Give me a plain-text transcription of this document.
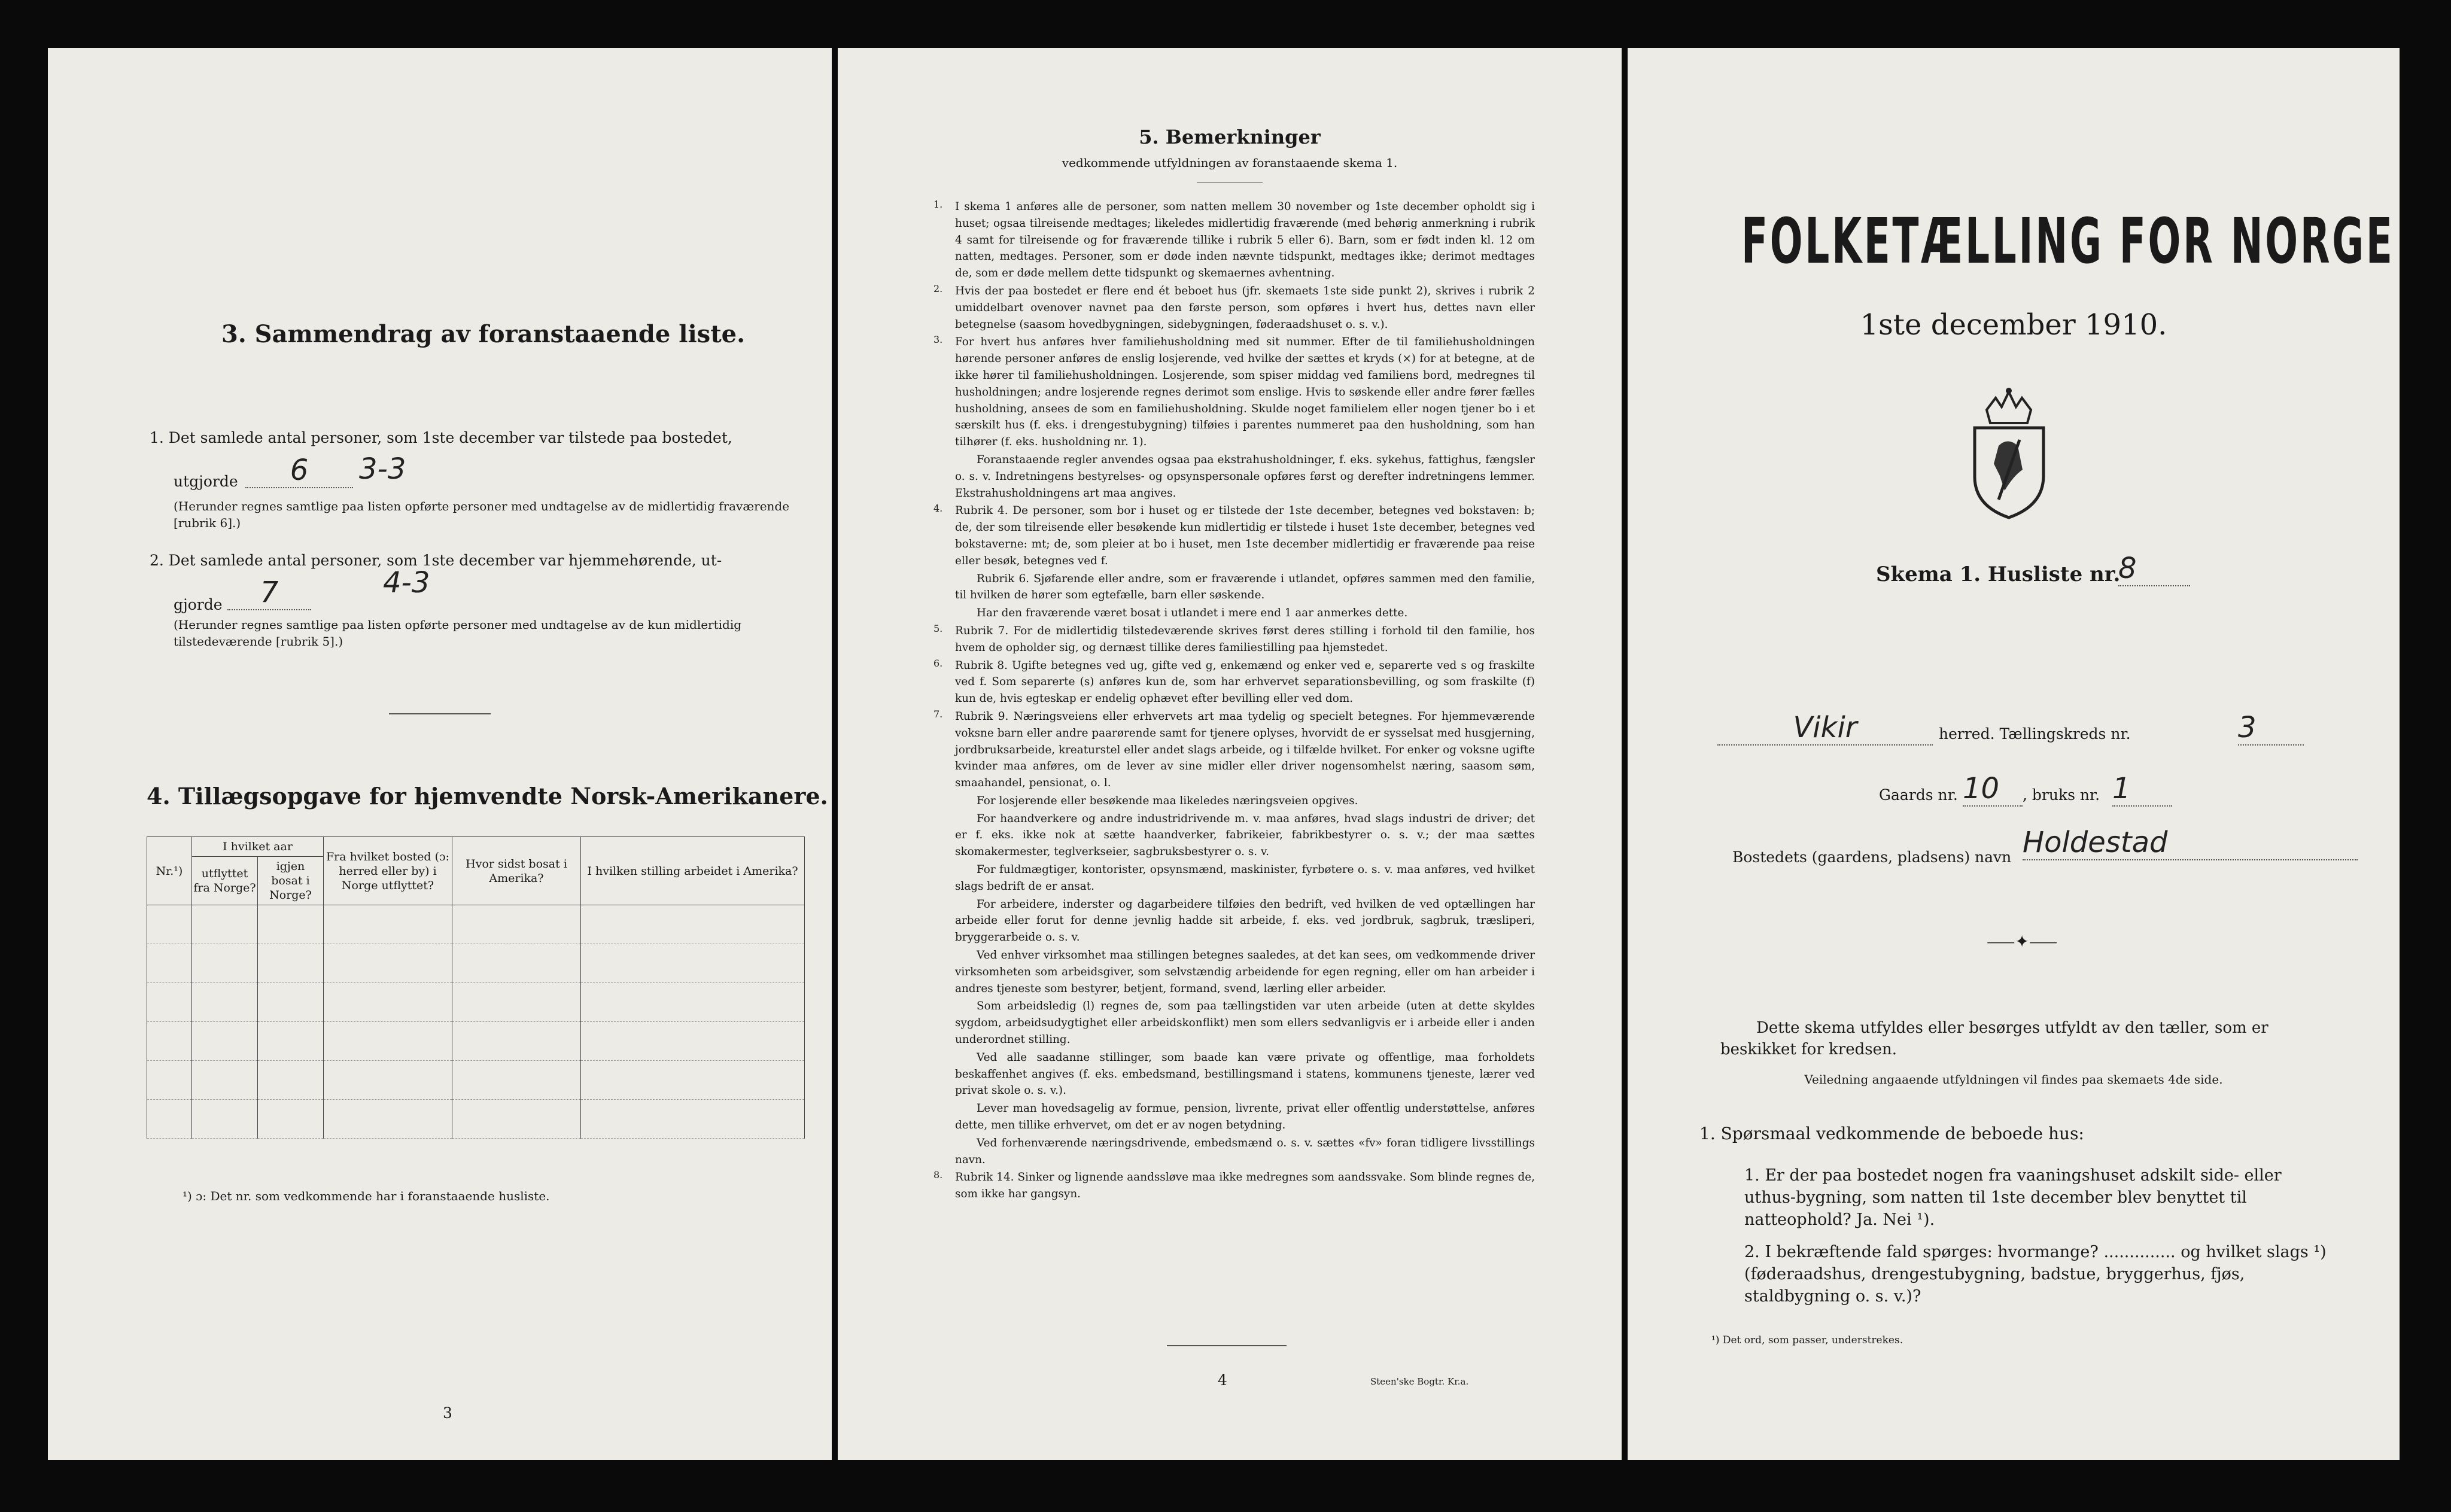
3. Sammendrag av foranstaaende liste.
1. Det samlede antal personer, som 1ste december var tilstede paa bostedet,
utgjorde	6	3-3
(Herunder regnes samtlige paa listen opførte personer med undtagelse av de midlertidig fraværende [rubrik 6].)
2. Det samlede antal personer, som 1ste december var hjemmehørende, ut-
gjorde	7	4-3
(Herunder regnes samtlige paa listen opførte personer med undtagelse av de kun midlertidig tilstedeværende [rubrik 5].)
4. Tillægsopgave for hjemvendte Norsk-Amerikanere.
Nr.¹)	I hvilket aar		Fra hvilket bosted (ɔ: herred eller by) i Norge utflyttet?	Hvor sidst bosat i Amerika?	I hvilken stilling arbeidet i Amerika?
	utflyttet fra Norge?	igjen bosat i Norge?			

¹) ɔ: Det nr. som vedkommende har i foranstaaende husliste.
3
5. Bemerkninger
vedkommende utfyldningen av foranstaaende skema 1.
1. I skema 1 anføres alle de personer, som natten mellem 30 november og 1ste december opholdt sig i huset; ogsaa tilreisende medtages; likeledes midlertidig fraværende (med behørig anmerkning i rubrik 4 samt for tilreisende og for fraværende tillike i rubrik 5 eller 6). Barn, som er født inden kl. 12 om natten, medtages. Personer, som er døde inden nævnte tidspunkt, medtages ikke; derimot medtages de, som er døde mellem dette tidspunkt og skemaernes avhentning.

2. Hvis der paa bostedet er flere end ét beboet hus (jfr. skemaets 1ste side punkt 2), skrives i rubrik 2 umiddelbart ovenover navnet paa den første person, som opføres i hvert hus, dettes navn eller betegnelse (saasom hovedbygningen, sidebygningen, føderaadshuset o. s. v.).

3. For hvert hus anføres hver familiehusholdning med sit nummer. Efter de til familiehusholdningen hørende personer anføres de enslig losjerende, ved hvilke der sættes et kryds (×) for at betegne, at de ikke hører til familiehusholdningen. Losjerende, som spiser middag ved familiens bord, medregnes til husholdningen; andre losjerende regnes derimot som enslige. Hvis to søskende eller andre fører fælles husholdning, ansees de som en familiehusholdning. Skulde noget familielem eller nogen tjener bo i et særskilt hus (f. eks. i drengestubygning) tilføies i parentes nummeret paa den husholdning, som han tilhører (f. eks. husholdning nr. 1).

Foranstaaende regler anvendes ogsaa paa ekstrahusholdninger, f. eks. sykehus, fattighus, fængsler o. s. v. Indretningens bestyrelses- og opsynspersonale opføres først og derefter indretningens lemmer. Ekstrahusholdningens art maa angives.

4. Rubrik 4. De personer, som bor i huset og er tilstede der 1ste december, betegnes ved bokstaven: b; de, der som tilreisende eller besøkende kun midlertidig er tilstede i huset 1ste december, betegnes ved bokstaverne: mt; de, som pleier at bo i huset, men 1ste december midlertidig er fraværende paa reise eller besøk, betegnes ved f.

Rubrik 6. Sjøfarende eller andre, som er fraværende i utlandet, opføres sammen med den familie, til hvilken de hører som egtefælle, barn eller søskende.

Har den fraværende været bosat i utlandet i mere end 1 aar anmerkes dette.

5. Rubrik 7. For de midlertidig tilstedeværende skrives først deres stilling i forhold til den familie, hos hvem de opholder sig, og dernæst tillike deres familiestilling paa hjemstedet.

6. Rubrik 8. Ugifte betegnes ved ug, gifte ved g, enkemænd og enker ved e, separerte ved s og fraskilte ved f. Som separerte (s) anføres kun de, som har erhvervet separationsbevilling, og som fraskilte (f) kun de, hvis egteskap er endelig ophævet efter bevilling eller ved dom.

7. Rubrik 9. Næringsveiens eller erhvervets art maa tydelig og specielt betegnes. For hjemmeværende voksne barn eller andre paarørende samt for tjenere oplyses, hvorvidt de er sysselsat med husgjerning, jordbruksarbeide, kreaturstel eller andet slags arbeide, og i tilfælde hvilket. For enker og voksne ugifte kvinder maa anføres, om de lever av sine midler eller driver nogensomhelst næring, saasom søm, smaahandel, pensionat, o. l.

For losjerende eller besøkende maa likeledes næringsveien opgives.

For haandverkere og andre industridrivende m. v. maa anføres, hvad slags industri de driver; det er f. eks. ikke nok at sætte haandverker, fabrikeier, fabrikbestyrer o. s. v.; der maa sættes skomakermester, teglverkseier, sagbruksbestyrer o. s. v.

For fuldmægtiger, kontorister, opsynsmænd, maskinister, fyrbøtere o. s. v. maa anføres, ved hvilket slags bedrift de er ansat.

For arbeidere, inderster og dagarbeidere tilføies den bedrift, ved hvilken de ved optællingen har arbeide eller forut for denne jevnlig hadde sit arbeide, f. eks. ved jordbruk, sagbruk, træsliperi, bryggerarbeide o. s. v.

Ved enhver virksomhet maa stillingen betegnes saaledes, at det kan sees, om vedkommende driver virksomheten som arbeidsgiver, som selvstændig arbeidende for egen regning, eller om han arbeider i andres tjeneste som bestyrer, betjent, formand, svend, lærling eller arbeider.

Som arbeidsledig (l) regnes de, som paa tællingstiden var uten arbeide (uten at dette skyldes sygdom, arbeidsudygtighet eller arbeidskonflikt) men som ellers sedvanligvis er i arbeide eller i anden underordnet stilling.

Ved alle saadanne stillinger, som baade kan være private og offentlige, maa forholdets beskaffenhet angives (f. eks. embedsmand, bestillingsmand i statens, kommunens tjeneste, lærer ved privat skole o. s. v.).

Lever man hovedsagelig av formue, pension, livrente, privat eller offentlig understøttelse, anføres dette, men tillike erhvervet, om det er av nogen betydning.

Ved forhenværende næringsdrivende, embedsmænd o. s. v. sættes «fv» foran tidligere livsstillings navn.

8. Rubrik 14. Sinker og lignende aandssløve maa ikke medregnes som aandssvake. Som blinde regnes de, som ikke har gangsyn.

4	Steen'ske Bogtr. Kr.a.
FOLKETÆLLING FOR NORGE
1ste december 1910.
Skema 1. Husliste nr.
8
Vikir	herred. Tællingskreds nr.	3
Gaards nr. 10	, bruks nr. 1
Bostedets (gaardens, pladsens) navn Holdestad
⸺✦⸺
Dette skema utfyldes eller besørges utfyldt av den tæller, som er beskikket for kredsen.
Veiledning angaaende utfyldningen vil findes paa skemaets 4de side.
1. Spørsmaal vedkommende de beboede hus:
1. Er der paa bostedet nogen fra vaaningshuset adskilt side- eller uthus-bygning, som natten til 1ste december blev benyttet til natteophold? Ja. Nei ¹).
2. I bekræftende fald spørges: hvormange? .............. og hvilket slags ¹) (føderaadshus, drengestubygning, badstue, bryggerhus, fjøs, staldbygning o. s. v.)?
¹) Det ord, som passer, understrekes.
